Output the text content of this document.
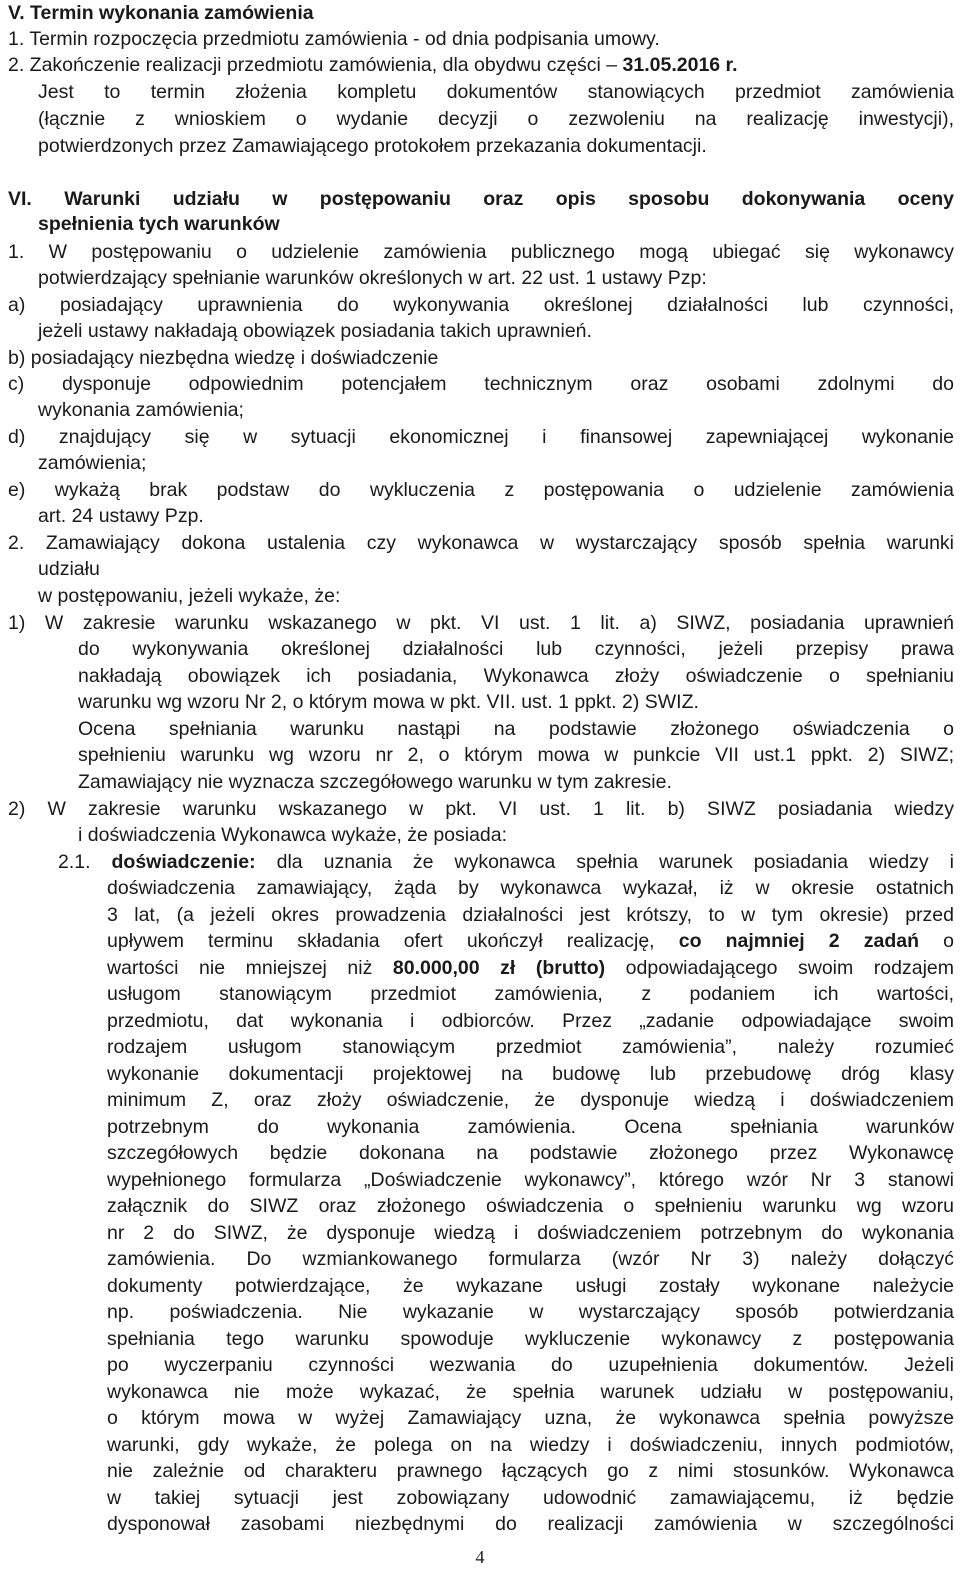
V. Termin wykonania zamówienia
1. Termin rozpoczęcia przedmiotu zamówienia - od dnia podpisania umowy.
2. Zakończenie realizacji przedmiotu zamówienia, dla obydwu części – 31.05.2016 r.
Jest to termin złożenia kompletu dokumentów stanowiących przedmiot zamówienia
(łącznie z wnioskiem o wydanie decyzji o zezwoleniu na realizację inwestycji),
potwierdzonych przez Zamawiającego protokołem przekazania dokumentacji.
VI. Warunki udziału w postępowaniu oraz opis sposobu dokonywania oceny
spełnienia tych warunków
1. W postępowaniu o udzielenie zamówienia publicznego mogą ubiegać się wykonawcy
potwierdzający spełnianie warunków określonych w art. 22 ust. 1 ustawy Pzp:
a) posiadający uprawnienia do wykonywania określonej działalności lub czynności,
jeżeli ustawy nakładają obowiązek posiadania takich uprawnień.
b) posiadający niezbędna wiedzę i doświadczenie
c) dysponuje odpowiednim potencjałem technicznym oraz osobami zdolnymi do
wykonania zamówienia;
d) znajdujący się w sytuacji ekonomicznej i finansowej zapewniającej wykonanie
zamówienia;
e) wykażą brak podstaw do wykluczenia z postępowania o udzielenie zamówienia
art. 24 ustawy Pzp.
2. Zamawiający dokona ustalenia czy wykonawca w wystarczający sposób spełnia warunki
udziału
w postępowaniu, jeżeli wykaże, że:
1) W zakresie warunku wskazanego w pkt. VI ust. 1 lit. a) SIWZ, posiadania uprawnień
do wykonywania określonej działalności lub czynności, jeżeli przepisy prawa
nakładają obowiązek ich posiadania, Wykonawca złoży oświadczenie o spełnianiu
warunku wg wzoru Nr 2, o którym mowa w pkt. VII. ust. 1 ppkt. 2) SWIZ.
Ocena spełniania warunku nastąpi na podstawie złożonego oświadczenia o
spełnieniu warunku wg wzoru nr 2, o którym mowa w punkcie VII ust.1 ppkt. 2) SIWZ;
Zamawiający nie wyznacza szczegółowego warunku w tym zakresie.
2) W zakresie warunku wskazanego w pkt. VI ust. 1 lit. b) SIWZ posiadania wiedzy
i doświadczenia Wykonawca wykaże, że posiada:
2.1. doświadczenie: dla uznania że wykonawca spełnia warunek posiadania wiedzy i
doświadczenia zamawiający, żąda by wykonawca wykazał, iż w okresie ostatnich
3 lat, (a jeżeli okres prowadzenia działalności jest krótszy, to w tym okresie) przed
upływem terminu składania ofert ukończył realizację, co najmniej 2 zadań o
wartości nie mniejszej niż 80.000,00 zł (brutto) odpowiadającego swoim rodzajem
usługom stanowiącym przedmiot zamówienia, z podaniem ich wartości,
przedmiotu, dat wykonania i odbiorców. Przez „zadanie odpowiadające swoim
rodzajem usługom stanowiącym przedmiot zamówienia”, należy rozumieć
wykonanie dokumentacji projektowej na budowę lub przebudowę dróg klasy
minimum Z, oraz złoży oświadczenie, że dysponuje wiedzą i doświadczeniem
potrzebnym do wykonania zamówienia. Ocena spełniania warunków
szczegółowych będzie dokonana na podstawie złożonego przez Wykonawcę
wypełnionego formularza „Doświadczenie wykonawcy”, którego wzór Nr 3 stanowi
załącznik do SIWZ oraz złożonego oświadczenia o spełnieniu warunku wg wzoru
nr 2 do SIWZ, że dysponuje wiedzą i doświadczeniem potrzebnym do wykonania
zamówienia. Do wzmiankowanego formularza (wzór Nr 3) należy dołączyć
dokumenty potwierdzające, że wykazane usługi zostały wykonane należycie
np. poświadczenia. Nie wykazanie w wystarczający sposób potwierdzania
spełniania tego warunku spowoduje wykluczenie wykonawcy z postępowania
po wyczerpaniu czynności wezwania do uzupełnienia dokumentów. Jeżeli
wykonawca nie może wykazać, że spełnia warunek udziału w postępowaniu,
o którym mowa w wyżej Zamawiający uzna, że wykonawca spełnia powyższe
warunki, gdy wykaże, że polega on na wiedzy i doświadczeniu, innych podmiotów,
nie zależnie od charakteru prawnego łączących go z nimi stosunków. Wykonawca
w takiej sytuacji jest zobowiązany udowodnić zamawiającemu, iż będzie
dysponował zasobami niezbędnymi do realizacji zamówienia w szczególności
4
